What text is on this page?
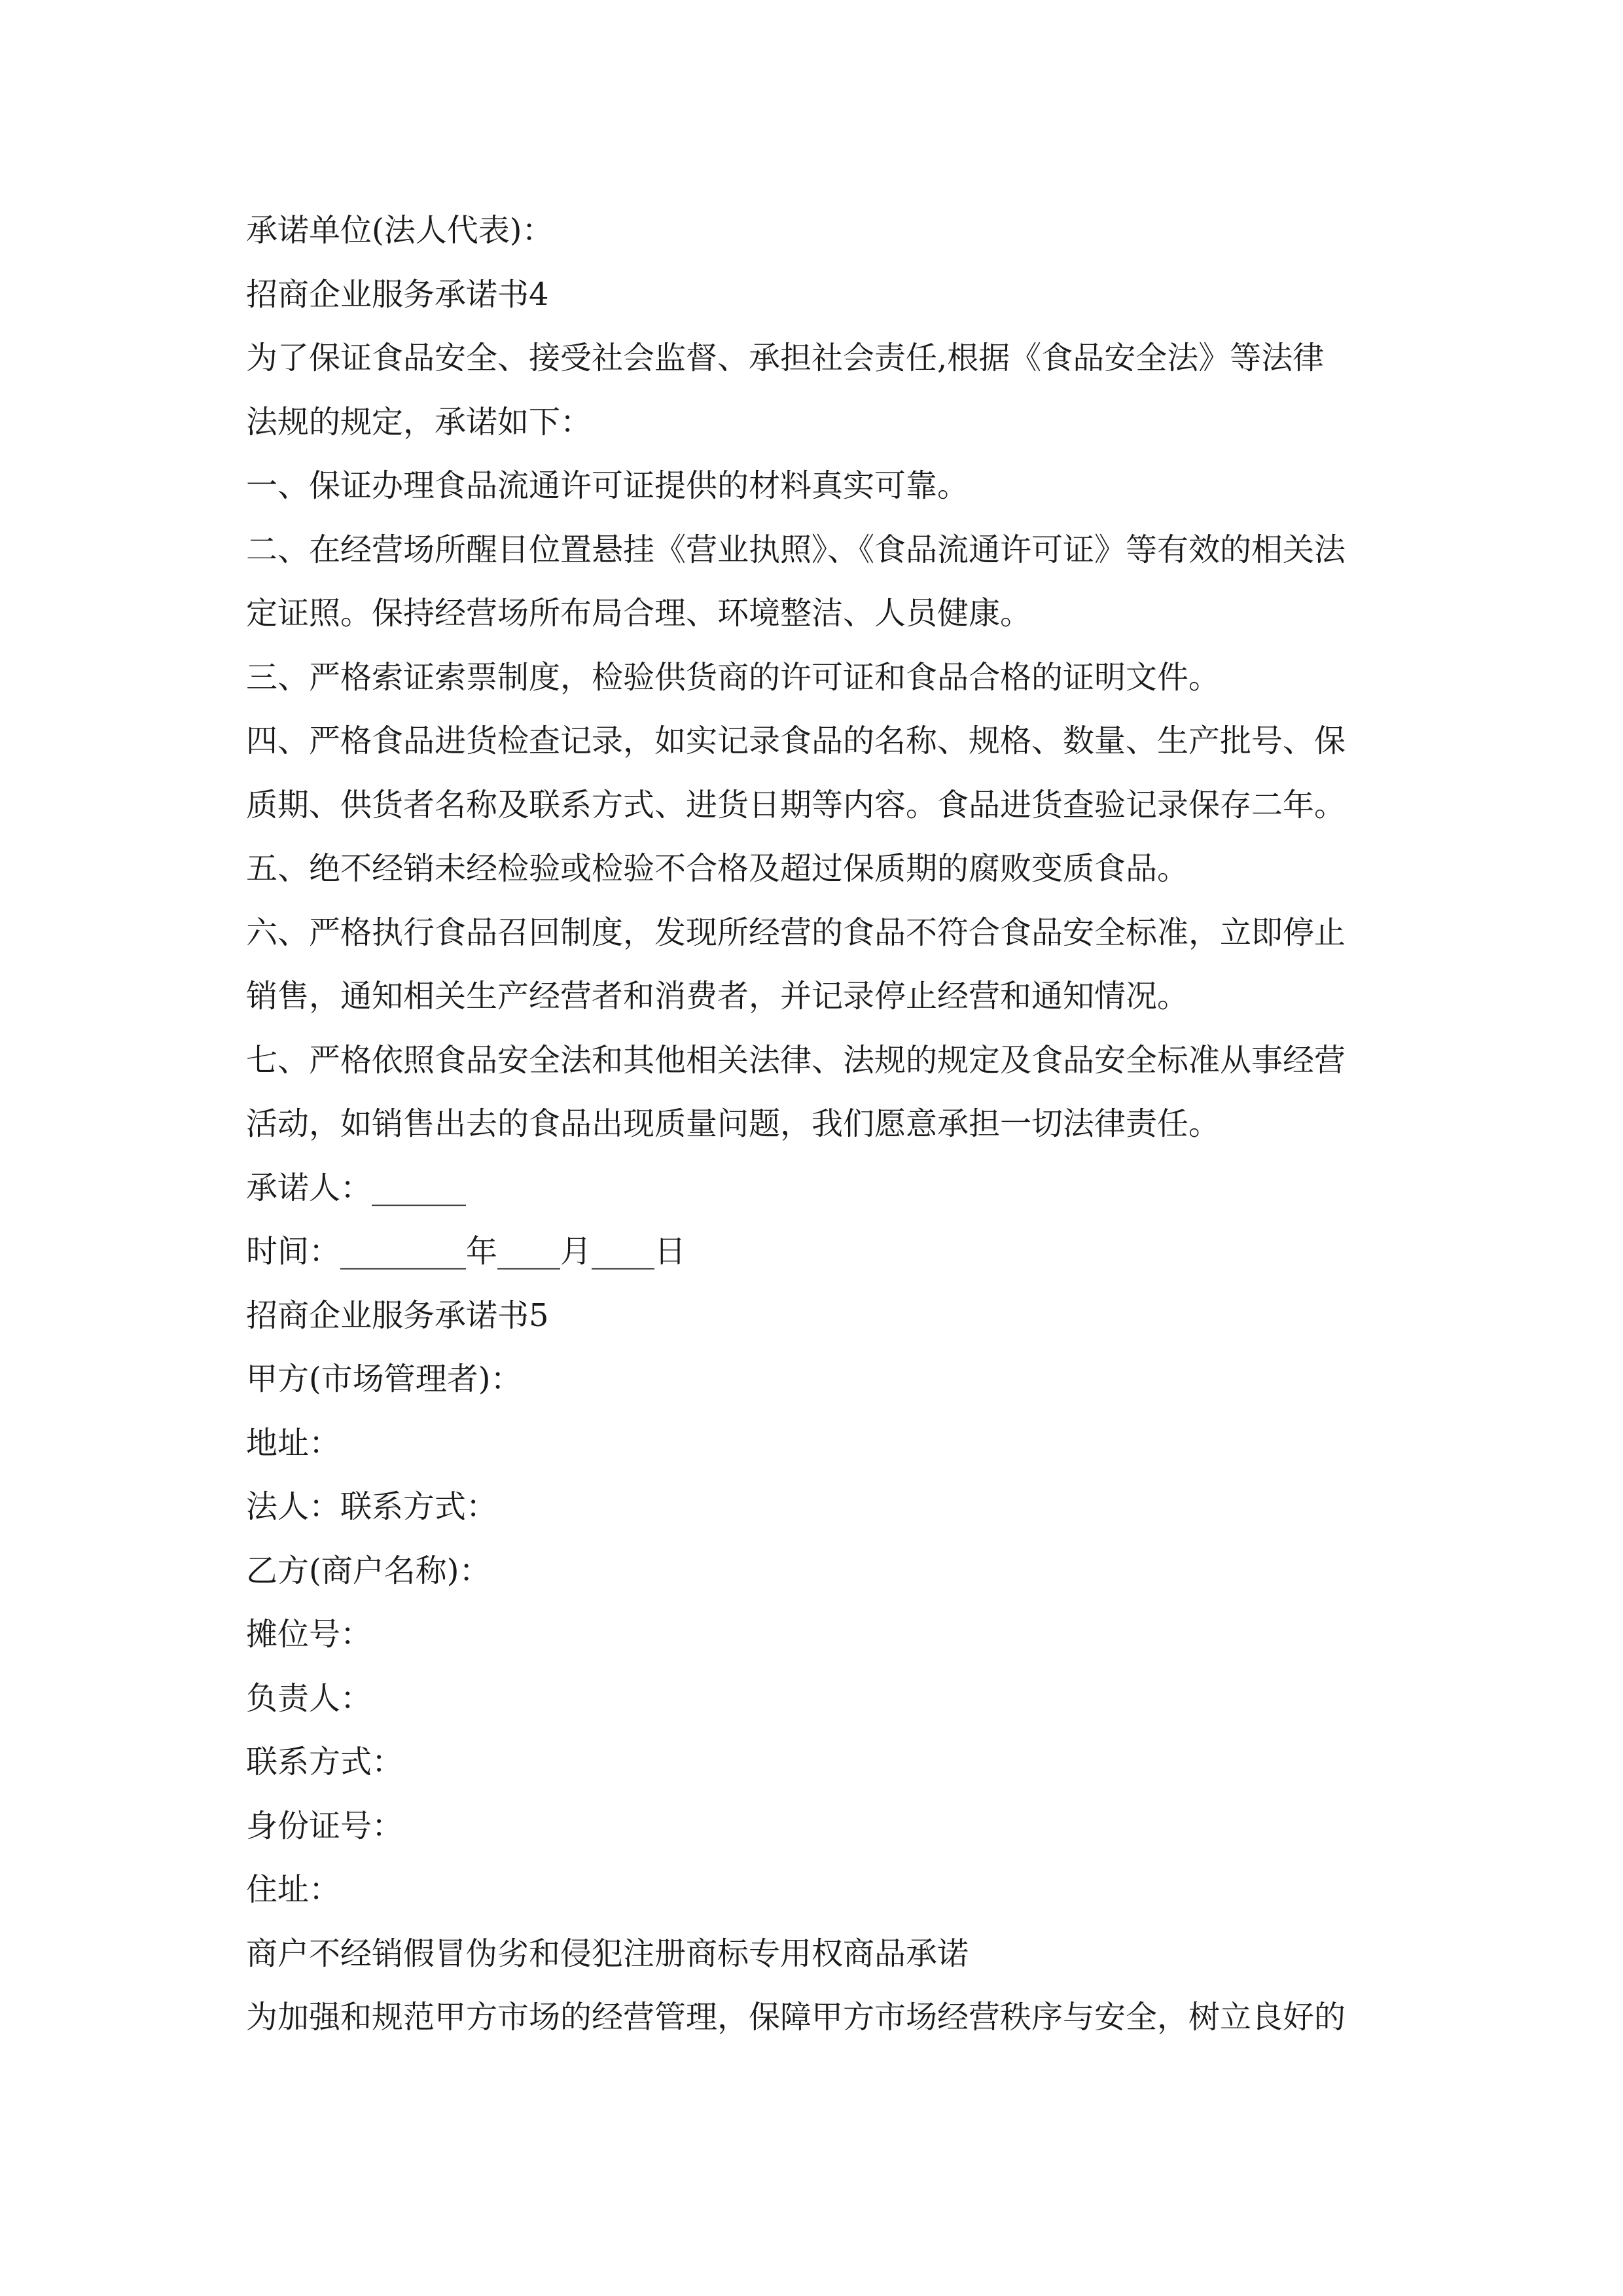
承诺单位(法人代表)：
招商企业服务承诺书4
为了保证食品安全、接受社会监督、承担社会责任,根据《食品安全法》等法律
法规的规定，承诺如下：
一、保证办理食品流通许可证提供的材料真实可靠。
二、在经营场所醒目位置悬挂《营业执照》、《食品流通许可证》等有效的相关法
定证照。保持经营场所布局合理、环境整洁、人员健康。
三、严格索证索票制度，检验供货商的许可证和食品合格的证明文件。
四、严格食品进货检查记录，如实记录食品的名称、规格、数量、生产批号、保
质期、供货者名称及联系方式、进货日期等内容。食品进货查验记录保存二年。
五、绝不经销未经检验或检验不合格及超过保质期的腐败变质食品。
六、严格执行食品召回制度，发现所经营的食品不符合食品安全标准，立即停止
销售，通知相关生产经营者和消费者，并记录停止经营和通知情况。
七、严格依照食品安全法和其他相关法律、法规的规定及食品安全标准从事经营
活动，如销售出去的食品出现质量问题，我们愿意承担一切法律责任。
承诺人：______
时间：________年____月____日
招商企业服务承诺书5
甲方(市场管理者)：
地址：
法人：联系方式：
乙方(商户名称)：
摊位号：
负责人：
联系方式：
身份证号：
住址：
商户不经销假冒伪劣和侵犯注册商标专用权商品承诺
为加强和规范甲方市场的经营管理，保障甲方市场经营秩序与安全，树立良好的
